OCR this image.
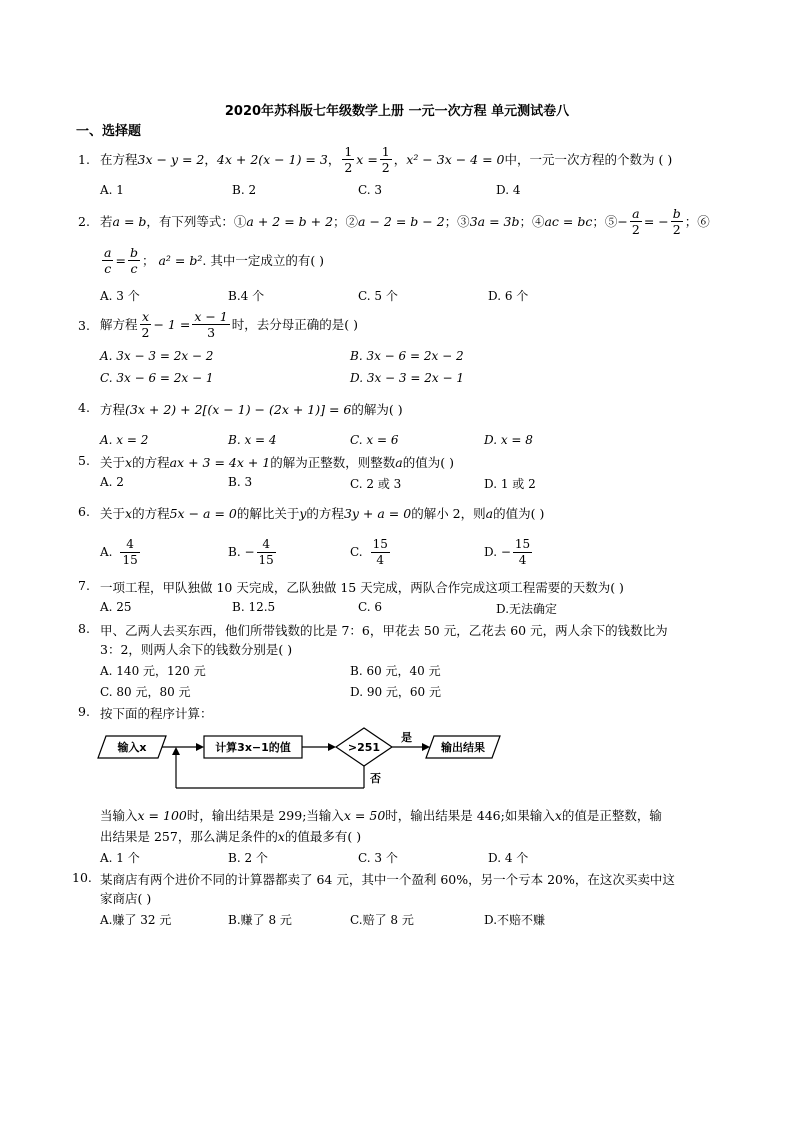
2020年苏科版七年级数学上册 一元一次方程 单元测试卷八
一、选择题
1. 在方程 3x − y = 2 ， 4x + 2(x − 1) = 3 ， $\frac{1}{2}$ $x = \frac{1}{2}$ ， x² − 3x − 4 = 0 中，一元一次方程的个数为 ( )
A. 1	B. 2	C. 3	D. 4
2. 若 a = b ，有下列等式：① a + 2 = b + 2 ；② a − 2 = b − 2 ；③ 3a = 3b ；④ ac = bc ；⑤ − $\frac{a}{2}$ = − $\frac{b}{2}$ ；⑥
$\frac{a}{c} = \frac{b}{c}$ ； a² = b² . 其中一定成立的有( )
A. 3 个	B.4 个	C. 5 个	D. 6 个
3. 解方程 $\frac{x}{2} - 1 = \frac{x - 1}{3}$ 时，去分母正确的是( )
A. 3x − 3 = 2x − 2	B. 3x − 6 = 2x − 2
C. 3x − 6 = 2x − 1	D. 3x − 3 = 2x − 1
4. 方程(3x + 2) + 2[(x − 1) − (2x + 1)] = 6的解为( )
A. x = 2	B. x = 4	C. x = 6	D. x = 8
5. 关于x的方程ax + 3 = 4x + 1的解为正整数，则整数a的值为( )
A. 2	B. 3	C. 2 或 3	D. 1 或 2
6. 关于x的方程5x − a = 0的解比关于y的方程3y + a = 0的解小 2，则a的值为( )
A. $\frac{4}{15}$	B. − $\frac{4}{15}$	C. $\frac{15}{4}$	D. − $\frac{15}{4}$
7. 一项工程，甲队独做 10 天完成，乙队独做 15 天完成，两队合作完成这项工程需要的天数为( )
A. 25	B. 12.5	C. 6	D.无法确定
8. 甲、乙两人去买东西，他们所带钱数的比是 7：6，甲花去 50 元，乙花去 60 元，两人余下的钱数比为
3：2，则两人余下的钱数分别是( )
A. 140 元，120 元	B. 60 元，40 元
C. 80 元，80 元	D. 90 元，60 元
9. 按下面的程序计算：
输入x	计算3x−1的值	>251
是
输出结果
否
当输入x = 100时，输出结果是 299;当输入x = 50时，输出结果是 446;如果输入x的值是正整数，输
出结果是 257，那么满足条件的x的值最多有( )
A. 1 个	B. 2 个	C. 3 个	D. 4 个
10. 某商店有两个进价不同的计算器都卖了 64 元，其中一个盈利 60%，另一个亏本 20%，在这次买卖中这
家商店( )
A.赚了 32 元	B.赚了 8 元	C.赔了 8 元	D.不赔不赚
